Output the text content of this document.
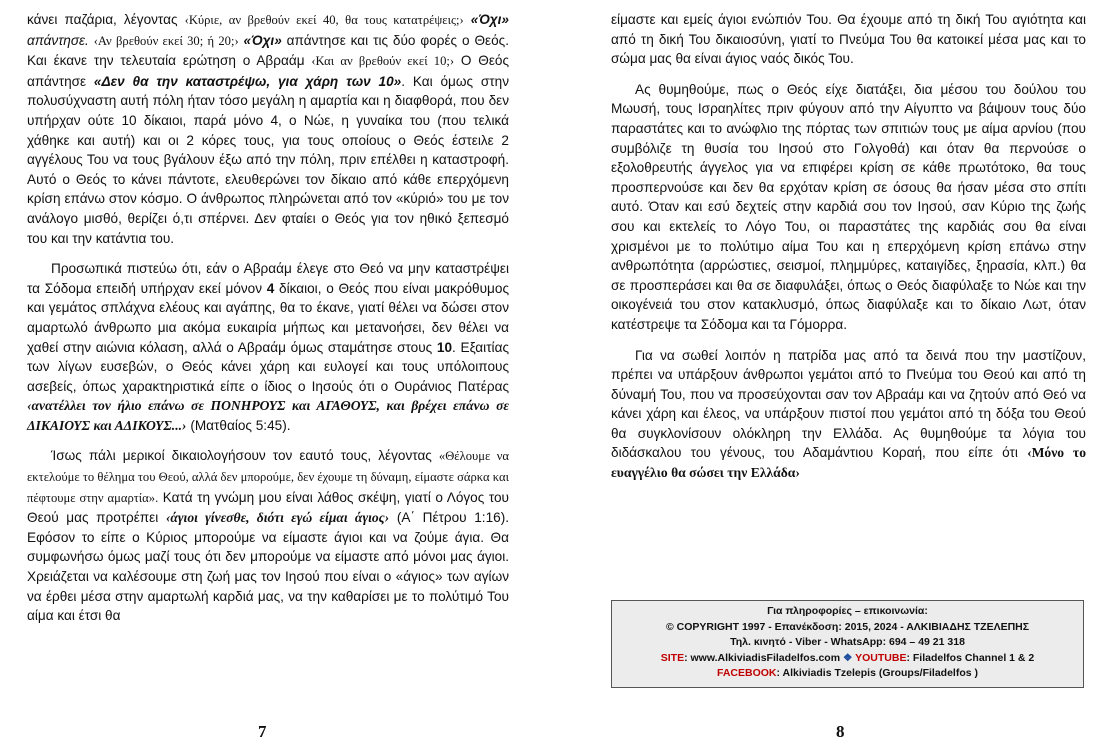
κάνει παζάρια, λέγοντας ‹Κύριε, αν βρεθούν εκεί 40, θα τους κατατρέψεις;› «Όχι» απάντησε. ‹Αν βρεθούν εκεί 30; ή 20;› «Όχι» απάντησε και τις δύο φορές ο Θεός. Και έκανε την τελευταία ερώτηση ο Αβραάμ ‹Και αν βρεθούν εκεί 10;› Ο Θεός απάντησε «Δεν θα την καταστρέψω, για χάρη των 10». Και όμως στην πολυσύχναστη αυτή πόλη ήταν τόσο μεγάλη η αμαρτία και η διαφθορά, που δεν υπήρχαν ούτε 10 δίκαιοι, παρά μόνο 4, ο Νώε, η γυναίκα του (που τελικά χάθηκε και αυτή) και οι 2 κόρες τους, για τους οποίους ο Θεός έστειλε 2 αγγέλους Του να τους βγάλουν έξω από την πόλη, πριν επέλθει η καταστροφή. Αυτό ο Θεός το κάνει πάντοτε, ελευθερώνει τον δίκαιο από κάθε επερχόμενη κρίση επάνω στον κόσμο. Ο άνθρωπος πληρώνεται από τον «κύριό» του με τον ανάλογο μισθό, θερίζει ό,τι σπέρνει. Δεν φταίει ο Θεός για τον ηθικό ξεπεσμό του και την κατάντια του.

Προσωπικά πιστεύω ότι, εάν ο Αβραάμ έλεγε στο Θεό να μην καταστρέψει τα Σόδομα επειδή υπήρχαν εκεί μόνον 4 δίκαιοι, ο Θεός που είναι μακρόθυμος και γεμάτος σπλάχνα ελέους και αγάπης, θα το έκανε, γιατί θέλει να δώσει στον αμαρτωλό άνθρωπο μια ακόμα ευκαιρία μήπως και μετανοήσει, δεν θέλει να χαθεί στην αιώνια κόλαση, αλλά ο Αβραάμ όμως σταμάτησε στους 10. Εξαιτίας των λίγων ευσεβών, ο Θεός κάνει χάρη και ευλογεί και τους υπόλοιπους ασεβείς, όπως χαρακτηριστικά είπε ο ίδιος ο Ιησούς ότι ο Ουράνιος Πατέρας ‹ανατέλλει τον ήλιο επάνω σε ΠΟΝΗΡΟΥΣ και ΑΓΑΘΟΥΣ, και βρέχει επάνω σε ΔΙΚΑΙΟΥΣ και ΑΔΙΚΟΥΣ...› (Ματθαίος 5:45).

Ίσως πάλι μερικοί δικαιολογήσουν τον εαυτό τους, λέγοντας «Θέλουμε να εκτελούμε το θέλημα του Θεού, αλλά δεν μπορούμε, δεν έχουμε τη δύναμη, είμαστε σάρκα και πέφτουμε στην αμαρτία». Κατά τη γνώμη μου είναι λάθος σκέψη, γιατί ο Λόγος του Θεού μας προτρέπει ‹άγιοι γίνεσθε, διότι εγώ είμαι άγιος› (Α΄ Πέτρου 1:16). Εφόσον το είπε ο Κύριος μπορούμε να είμαστε άγιοι και να ζούμε άγια. Θα συμφωνήσω όμως μαζί τους ότι δεν μπορούμε να είμαστε από μόνοι μας άγιοι. Χρειάζεται να καλέσουμε στη ζωή μας τον Ιησού που είναι ο «άγιος» των αγίων να έρθει μέσα στην αμαρτωλή καρδιά μας, να την καθαρίσει με το πολύτιμό Του αίμα και έτσι θα

7

είμαστε και εμείς άγιοι ενώπιόν Του. Θα έχουμε από τη δική Του αγιότητα και από τη δική Του δικαιοσύνη, γιατί το Πνεύμα Του θα κατοικεί μέσα μας και το σώμα μας θα είναι άγιος ναός δικός Του.

Ας θυμηθούμε, πως ο Θεός είχε διατάξει, δια μέσου του δούλου του Μωυσή, τους Ισραηλίτες πριν φύγουν από την Αίγυπτο να βάψουν τους δύο παραστάτες και το ανώφλιο της πόρτας των σπιτιών τους με αίμα αρνίου (που συμβόλιζε τη θυσία του Ιησού στο Γολγοθά) και όταν θα περνούσε ο εξολοθρευτής άγγελος για να επιφέρει κρίση σε κάθε πρωτότοκο, θα τους προσπερνούσε και δεν θα ερχόταν κρίση σε όσους θα ήσαν μέσα στο σπίτι αυτό. Όταν και εσύ δεχτείς στην καρδιά σου τον Ιησού, σαν Κύριο της ζωής σου και εκτελείς το Λόγο Του, οι παραστάτες της καρδιάς σου θα είναι χρισμένοι με το πολύτιμο αίμα Του και η επερχόμενη κρίση επάνω στην ανθρωπότητα (αρρώστιες, σεισμοί, πλημμύρες, καταιγίδες, ξηρασία, κλπ.) θα σε προσπεράσει και θα σε διαφυλάξει, όπως ο Θεός διαφύλαξε το Νώε και την οικογένειά του στον κατακλυσμό, όπως διαφύλαξε και το δίκαιο Λωτ, όταν κατέστρεψε τα Σόδομα και τα Γόμορρα.

Για να σωθεί λοιπόν η πατρίδα μας από τα δεινά που την μαστίζουν, πρέπει να υπάρξουν άνθρωποι γεμάτοι από το Πνεύμα του Θεού και από τη δύναμή Του, που να προσεύχονται σαν τον Αβραάμ και να ζητούν από Θεό να κάνει χάρη και έλεος, να υπάρξουν πιστοί που γεμάτοι από τη δόξα του Θεού θα συγκλονίσουν ολόκληρη την Ελλάδα. Ας θυμηθούμε τα λόγια του διδάσκαλου του γένους, του Αδαμάντιου Κοραή, που είπε ότι ‹Μόνο το ευαγγέλιο θα σώσει την Ελλάδα›

Για πληροφορίες – επικοινωνία:
© COPYRIGHT 1997 - Επανέκδοση: 2015, 2024 - ΑΛΚΙΒΙΑΔΗΣ ΤΖΕΛΕΠΗΣ
Τηλ. κινητό - Viber - WhatsApp: 694 – 49 21 318
SITE: www.AlkiviadisFiladelfos.com ❖ YOUTUBE: Filadelfos Channel 1 & 2
FACEBOOK: Alkiviadis Tzelepis (Groups/Filadelfos )
8
